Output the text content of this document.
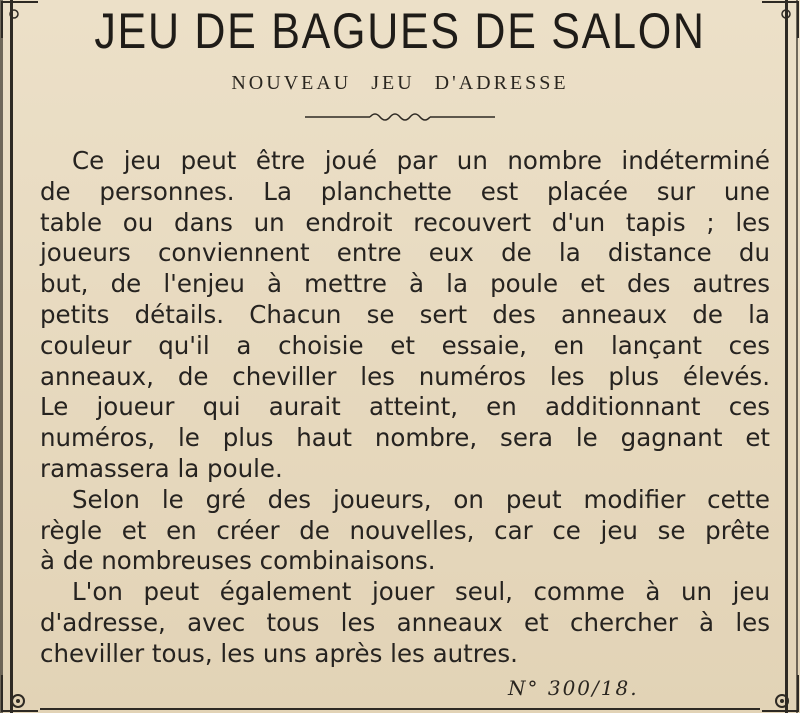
JEU DE BAGUES DE SALON
NOUVEAU JEU D'ADRESSE

Ce jeu peut être joué par un nombre indéterminé
de personnes. La planchette est placée sur une
table ou dans un endroit recouvert d'un tapis ; les
joueurs conviennent entre eux de la distance du
but, de l'enjeu à mettre à la poule et des autres
petits détails. Chacun se sert des anneaux de la
couleur qu'il a choisie et essaie, en lançant ces
anneaux, de cheviller les numéros les plus élevés.
Le joueur qui aurait atteint, en additionnant ces
numéros, le plus haut nombre, sera le gagnant et
ramassera la poule.

Selon le gré des joueurs, on peut modifier cette
règle et en créer de nouvelles, car ce jeu se prête
à de nombreuses combinaisons.

L'on peut également jouer seul, comme à un jeu
d'adresse, avec tous les anneaux et chercher à les
cheviller tous, les uns après les autres.

N° 300/18.
